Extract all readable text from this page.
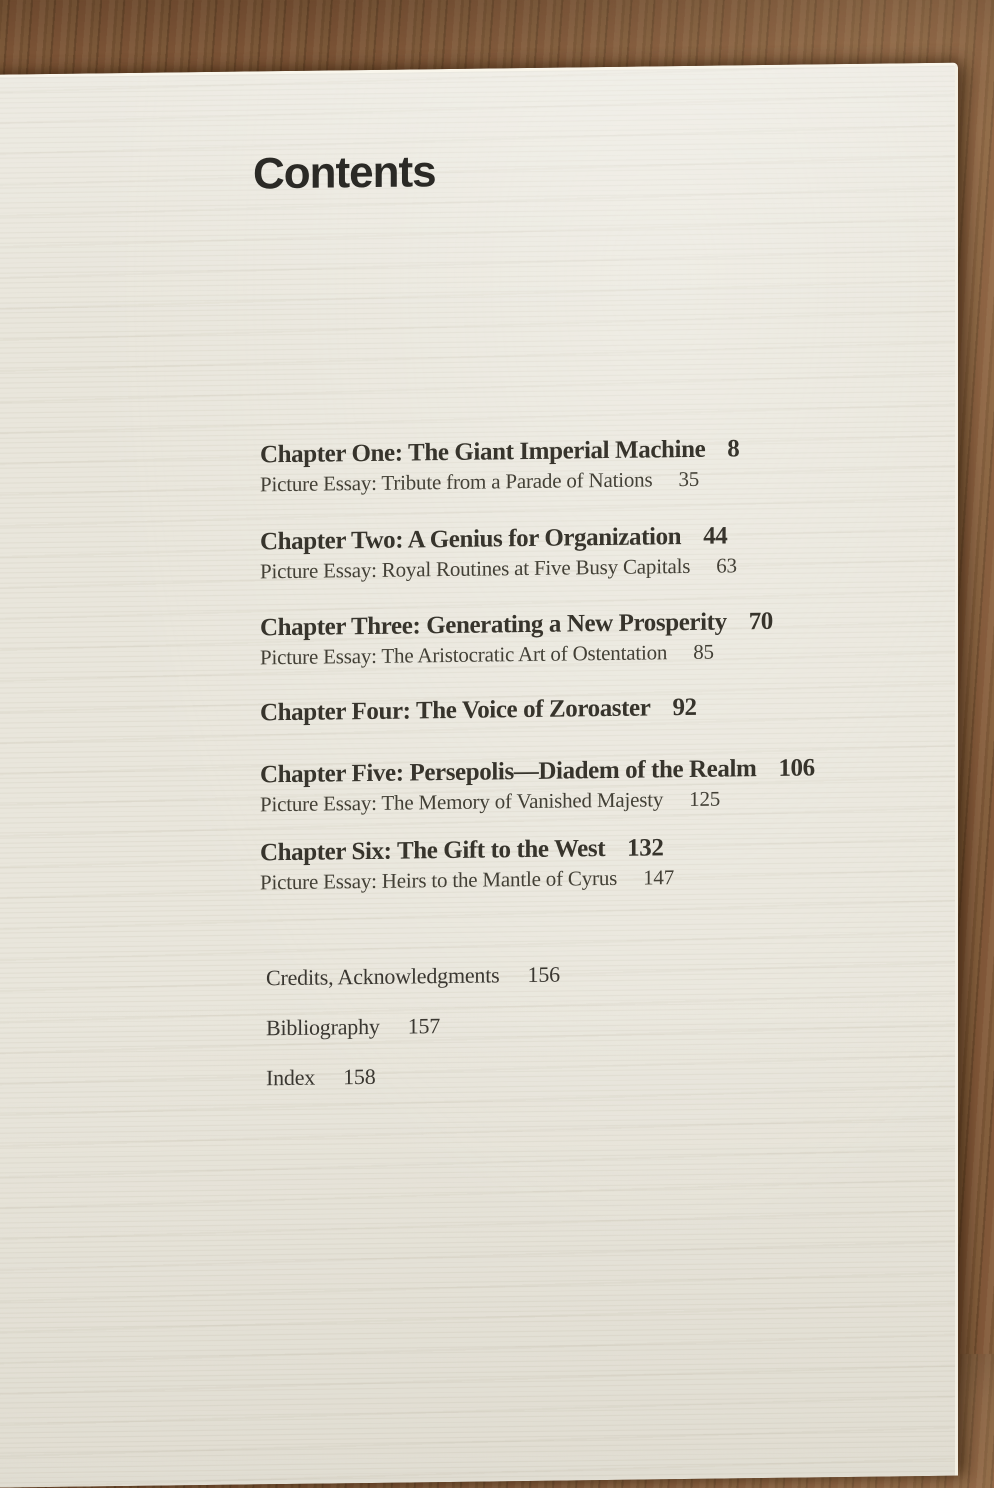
Contents
Chapter One: The Giant Imperial Machine 8
Picture Essay: Tribute from a Parade of Nations 35
Chapter Two: A Genius for Organization 44
Picture Essay: Royal Routines at Five Busy Capitals 63
Chapter Three: Generating a New Prosperity 70
Picture Essay: The Aristocratic Art of Ostentation 85
Chapter Four: The Voice of Zoroaster 92
Chapter Five: Persepolis—Diadem of the Realm 106
Picture Essay: The Memory of Vanished Majesty 125
Chapter Six: The Gift to the West 132
Picture Essay: Heirs to the Mantle of Cyrus 147
Credits, Acknowledgments 156
Bibliography 157
Index 158
